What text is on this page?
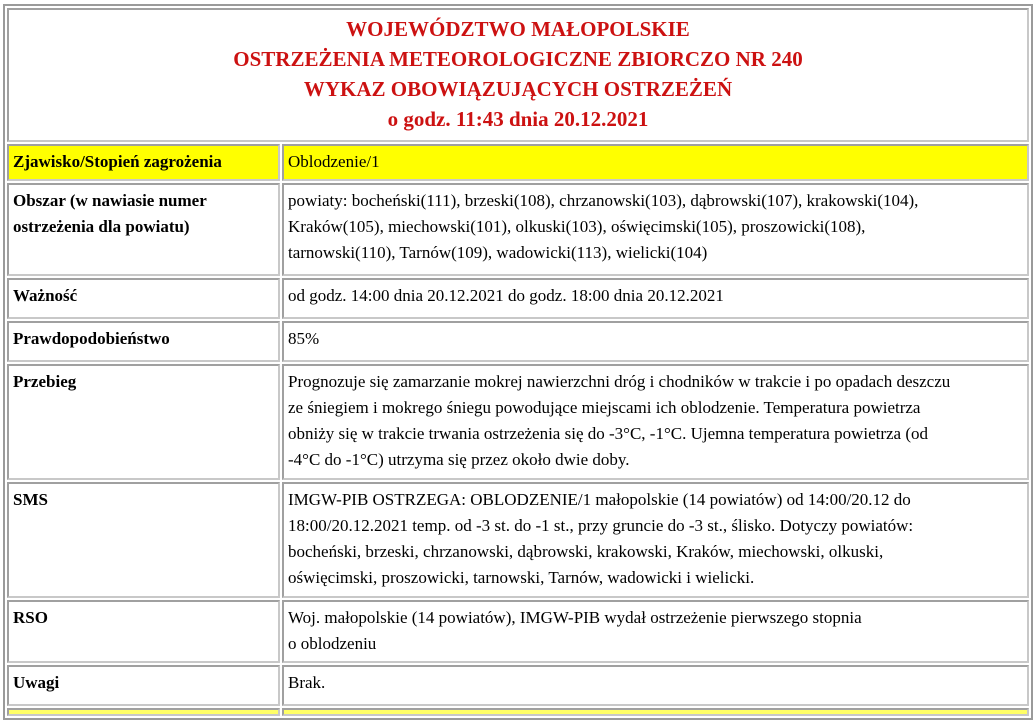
WOJEWÓDZTWO MAŁOPOLSKIE
OSTRZEŻENIA METEOROLOGICZNE ZBIORCZO NR 240
WYKAZ OBOWIĄZUJĄCYCH OSTRZEŻEŃ
o godz. 11:43 dnia 20.12.2021	

Zjawisko/Stopień zagrożenia	Oblodzenie/1
Obszar (w nawiasie numer ostrzeżenia dla powiatu)	powiaty: bocheński(111), brzeski(108), chrzanowski(103), dąbrowski(107), krakowski(104),
Kraków(105), miechowski(101), olkuski(103), oświęcimski(105), proszowicki(108),
tarnowski(110), Tarnów(109), wadowicki(113), wielicki(104)

Ważność	od godz. 14:00 dnia 20.12.2021 do godz. 18:00 dnia 20.12.2021
Prawdopodobieństwo	85%
Przebieg	Prognozuje się zamarzanie mokrej nawierzchni dróg i chodników w trakcie i po opadach deszczu
ze śniegiem i mokrego śniegu powodujące miejscami ich oblodzenie. Temperatura powietrza
obniży się w trakcie trwania ostrzeżenia się do -3°C, -1°C. Ujemna temperatura powietrza (od
-4°C do -1°C) utrzyma się przez około dwie doby.

SMS	IMGW-PIB OSTRZEGA: OBLODZENIE/1 małopolskie (14 powiatów) od 14:00/20.12 do
18:00/20.12.2021 temp. od -3 st. do -1 st., przy gruncie do -3 st., ślisko. Dotyczy powiatów:
bocheński, brzeski, chrzanowski, dąbrowski, krakowski, Kraków, miechowski, olkuski,
oświęcimski, proszowicki, tarnowski, Tarnów, wadowicki i wielicki.

RSO	Woj. małopolskie (14 powiatów), IMGW-PIB wydał ostrzeżenie pierwszego stopnia
o oblodzeniu

Uwagi	Brak.
